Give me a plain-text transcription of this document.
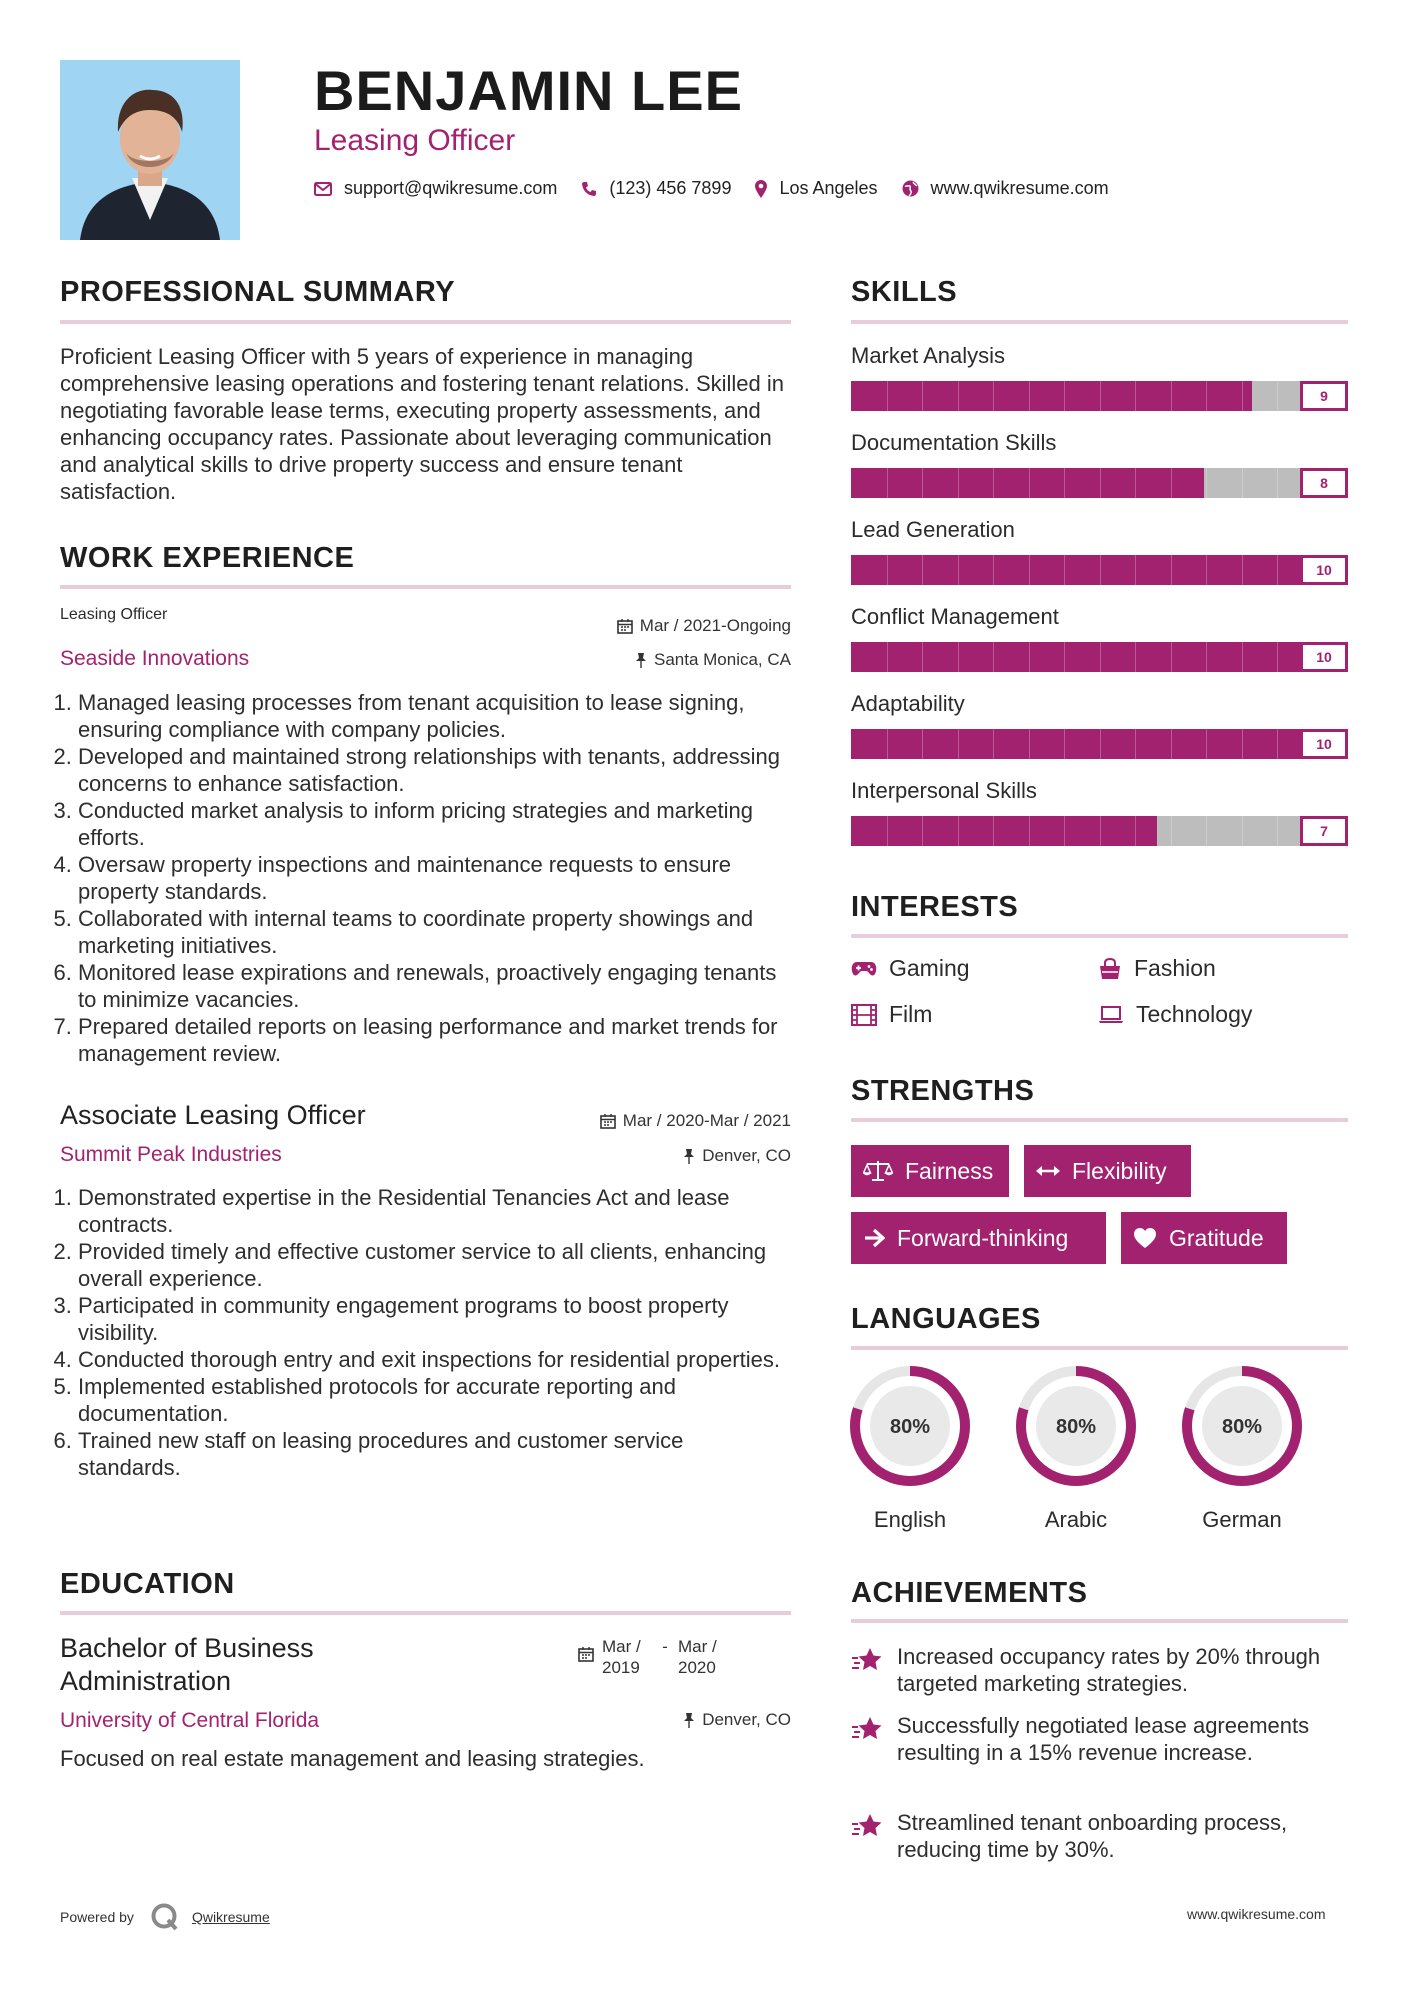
BENJAMIN LEE
Leasing Officer
support@qwikresume.com	(123) 456 7899	Los Angeles	www.qwikresume.com
PROFESSIONAL SUMMARY

Proficient Leasing Officer with 5 years of experience in managing comprehensive leasing operations and fostering tenant relations. Skilled in negotiating favorable lease terms, executing property assessments, and enhancing occupancy rates. Passionate about leveraging communication and analytical skills to drive property success and ensure tenant satisfaction.

WORK EXPERIENCE
Leasing Officer
Mar / 2021-Ongoing
Seaside Innovations	Santa Monica, CA
1. Managed leasing processes from tenant acquisition to lease signing, ensuring compliance with company policies.
2. Developed and maintained strong relationships with tenants, addressing concerns to enhance satisfaction.
3. Conducted market analysis to inform pricing strategies and marketing efforts.
4. Oversaw property inspections and maintenance requests to ensure property standards.
5. Collaborated with internal teams to coordinate property showings and marketing initiatives.
6. Monitored lease expirations and renewals, proactively engaging tenants to minimize vacancies.
7. Prepared detailed reports on leasing performance and market trends for management review.
Associate Leasing Officer	Mar / 2020-Mar / 2021
Summit Peak Industries	Denver, CO
1. Demonstrated expertise in the Residential Tenancies Act and lease contracts.
2. Provided timely and effective customer service to all clients, enhancing overall experience.
3. Participated in community engagement programs to boost property visibility.
4. Conducted thorough entry and exit inspections for residential properties.
5. Implemented established protocols for accurate reporting and documentation.
6. Trained new staff on leasing procedures and customer service standards.
EDUCATION
Bachelor of Business Administration
Mar / 2019
- Mar / 2020
University of Central Florida	Denver, CO

Focused on real estate management and leasing strategies.

SKILLS
Market Analysis
9
Documentation Skills
8
Lead Generation
10
Conflict Management
10
Adaptability
10
Interpersonal Skills
7
INTERESTS
Gaming	Fashion
Film	Technology
STRENGTHS
Fairness	Flexibility
Forward-thinking	Gratitude
LANGUAGES
80%
English
80%
Arabic
80%
German
ACHIEVEMENTS
Increased occupancy rates by 20% through targeted marketing strategies.
Successfully negotiated lease agreements resulting in a 15% revenue increase.
Streamlined tenant onboarding process, reducing time by 30%.
Powered by	Qwikresume	www.qwikresume.com
